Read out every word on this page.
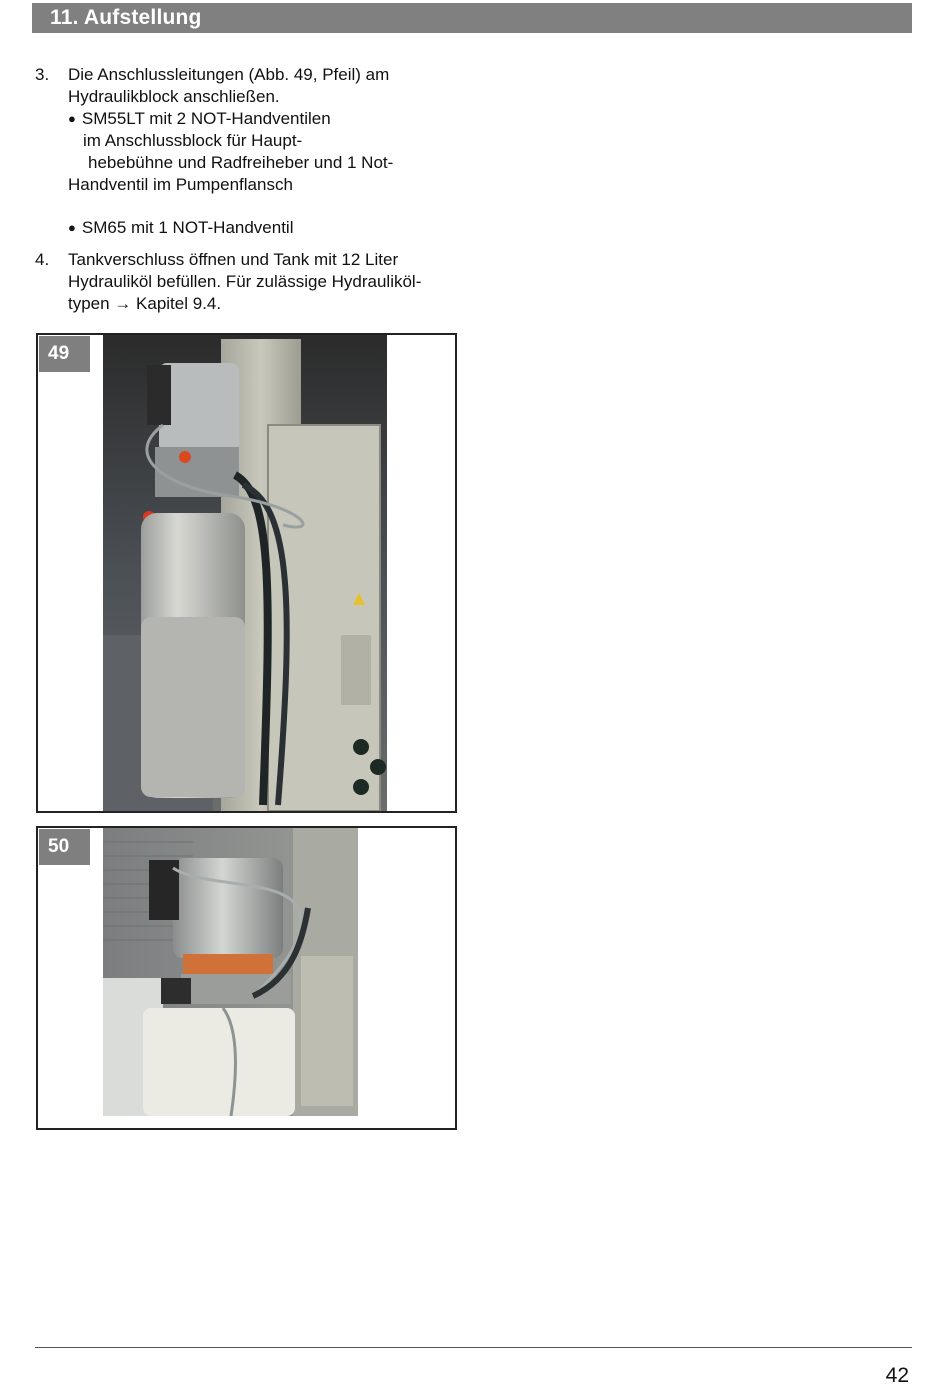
11. Aufstellung
3.	Die Anschlussleitungen (Abb. 49, Pfeil) am
Hydraulikblock anschließen.
● SM55LT mit 2 NOT-Handventilen
im Anschlussblock für Haupt-
hebebühne und Radfreiheber und 1 Not-
Handventil im Pumpenflansch
● SM65 mit 1 NOT-Handventil
4.	Tankverschluss öffnen und Tank mit 12 Liter
Hydrauliköl befüllen. Für zulässige Hydrauliköl-
typen → Kapitel 9.4.
49
50
42
